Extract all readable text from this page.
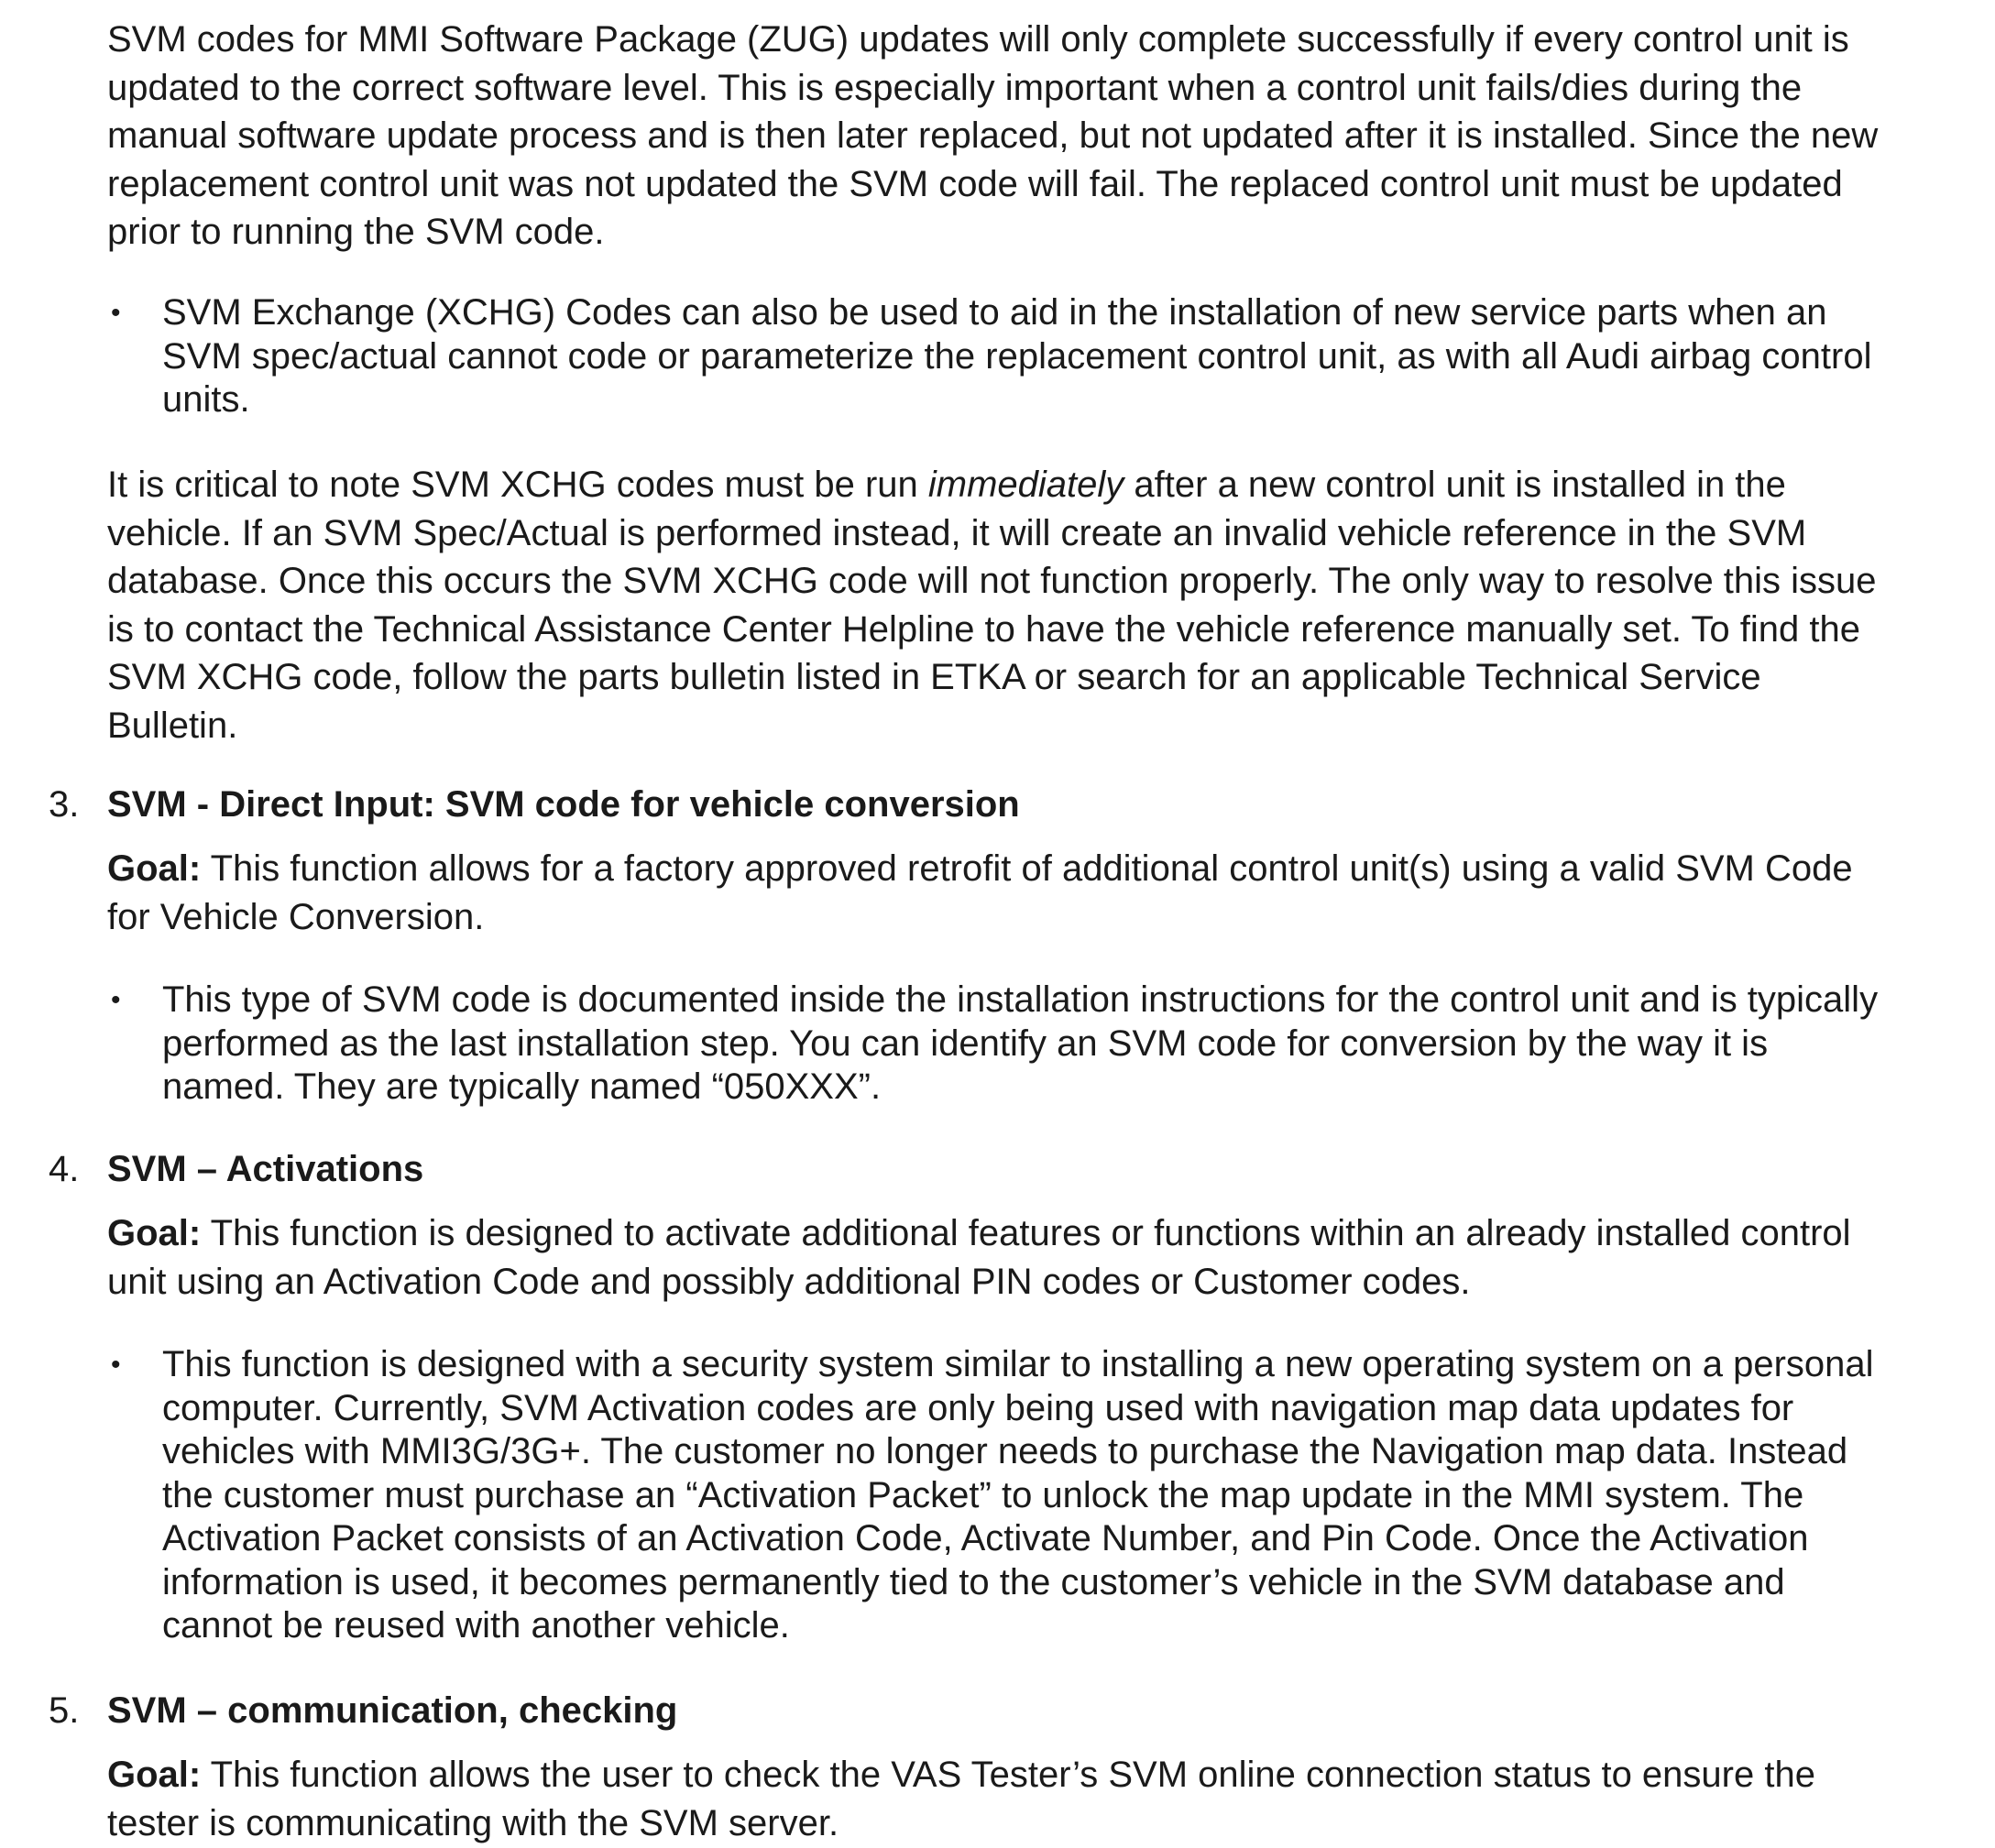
SVM codes for MMI Software Package (ZUG) updates will only complete successfully if every control unit is
updated to the correct software level. This is especially important when a control unit fails/dies during the
manual software update process and is then later replaced, but not updated after it is installed. Since the new
replacement control unit was not updated the SVM code will fail. The replaced control unit must be updated
prior to running the SVM code.
• SVM Exchange (XCHG) Codes can also be used to aid in the installation of new service parts when an
SVM spec/actual cannot code or parameterize the replacement control unit, as with all Audi airbag control
units.
It is critical to note SVM XCHG codes must be run immediately after a new control unit is installed in the
vehicle. If an SVM Spec/Actual is performed instead, it will create an invalid vehicle reference in the SVM
database. Once this occurs the SVM XCHG code will not function properly. The only way to resolve this issue
is to contact the Technical Assistance Center Helpline to have the vehicle reference manually set. To find the
SVM XCHG code, follow the parts bulletin listed in ETKA or search for an applicable Technical Service
Bulletin.
3. SVM - Direct Input: SVM code for vehicle conversion
Goal: This function allows for a factory approved retrofit of additional control unit(s) using a valid SVM Code
for Vehicle Conversion.
• This type of SVM code is documented inside the installation instructions for the control unit and is typically
performed as the last installation step. You can identify an SVM code for conversion by the way it is
named. They are typically named “050XXX”.
4. SVM – Activations
Goal: This function is designed to activate additional features or functions within an already installed control
unit using an Activation Code and possibly additional PIN codes or Customer codes.
• This function is designed with a security system similar to installing a new operating system on a personal
computer. Currently, SVM Activation codes are only being used with navigation map data updates for
vehicles with MMI3G/3G+. The customer no longer needs to purchase the Navigation map data. Instead
the customer must purchase an “Activation Packet” to unlock the map update in the MMI system. The
Activation Packet consists of an Activation Code, Activate Number, and Pin Code. Once the Activation
information is used, it becomes permanently tied to the customer’s vehicle in the SVM database and
cannot be reused with another vehicle.
5. SVM – communication, checking
Goal: This function allows the user to check the VAS Tester’s SVM online connection status to ensure the
tester is communicating with the SVM server.
